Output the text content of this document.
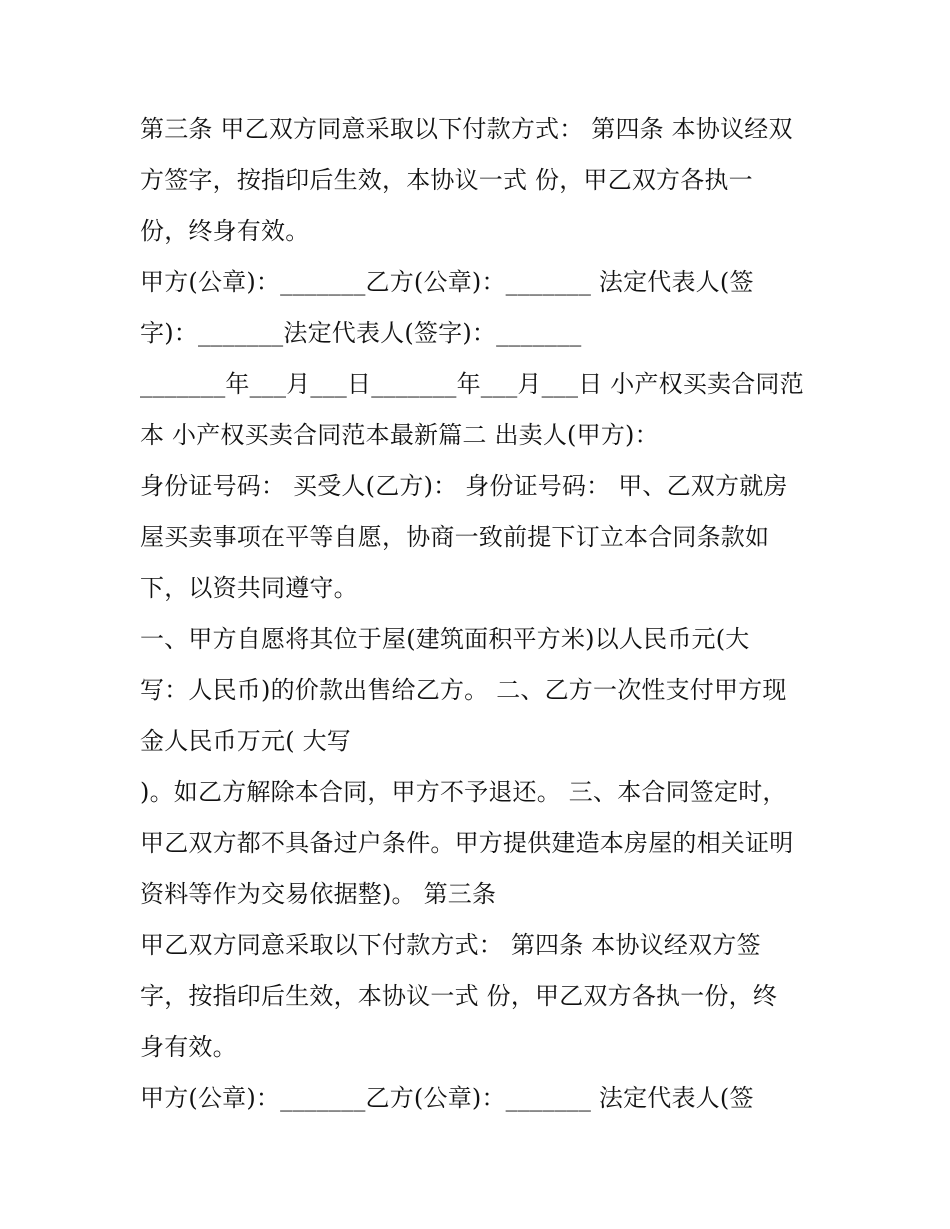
第三条 甲乙双方同意采取以下付款方式： 第四条 本协议经双
方签字，按指印后生效，本协议一式 份，甲乙双方各执一
份，终身有效。
甲方(公章)：_______乙方(公章)：_______ 法定代表人(签
字)：_______法定代表人(签字)：_______
_______年___月___日_______年___月___日 小产权买卖合同范
本 小产权买卖合同范本最新篇二 出卖人(甲方)：
身份证号码： 买受人(乙方)： 身份证号码： 甲、乙双方就房
屋买卖事项在平等自愿，协商一致前提下订立本合同条款如
下，以资共同遵守。
一、甲方自愿将其位于屋(建筑面积平方米)以人民币元(大
写：人民币)的价款出售给乙方。 二、乙方一次性支付甲方现
金人民币万元( 大写
)。如乙方解除本合同，甲方不予退还。 三、本合同签定时，
甲乙双方都不具备过户条件。甲方提供建造本房屋的相关证明
资料等作为交易依据整)。 第三条
甲乙双方同意采取以下付款方式： 第四条 本协议经双方签
字，按指印后生效，本协议一式 份，甲乙双方各执一份，终
身有效。
甲方(公章)：_______乙方(公章)：_______ 法定代表人(签
